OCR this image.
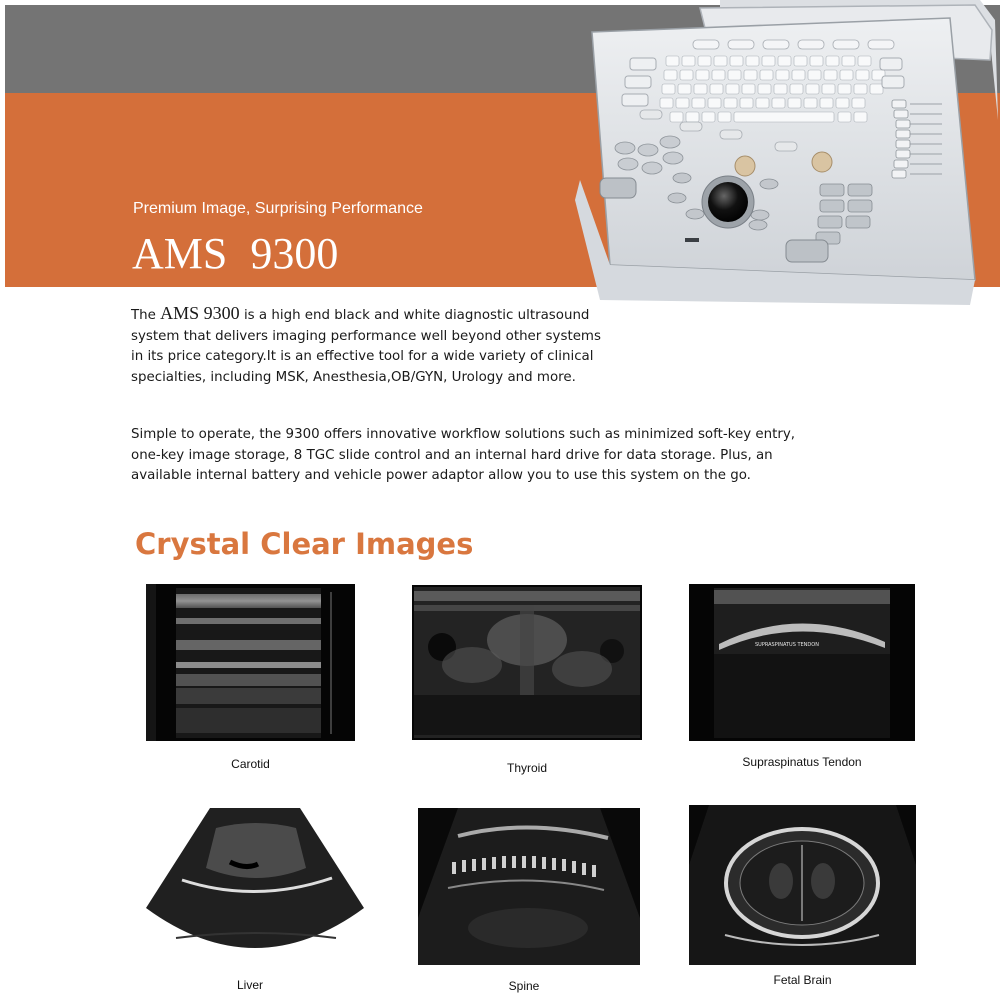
Premium Image, Surprising Performance

AMS 9300

The AMS 9300 is a high end black and white diagnostic ultrasound
system that delivers imaging performance well beyond other systems
in its price category.It is an effective tool for a wide variety of clinical
specialties, including MSK, Anesthesia,OB/GYN, Urology and more.

Simple to operate, the 9300 offers innovative workflow solutions such as minimized soft-key entry,
one-key image storage, 8 TGC slide control and an internal hard drive for data storage. Plus, an
available internal battery and vehicle power adaptor allow you to use this system on the go.

Crystal Clear Images

Carotid	Thyroid

SUPRASPINATUS TENDON

Supraspinatus Tendon

Liver	Spine	Fetal Brain
